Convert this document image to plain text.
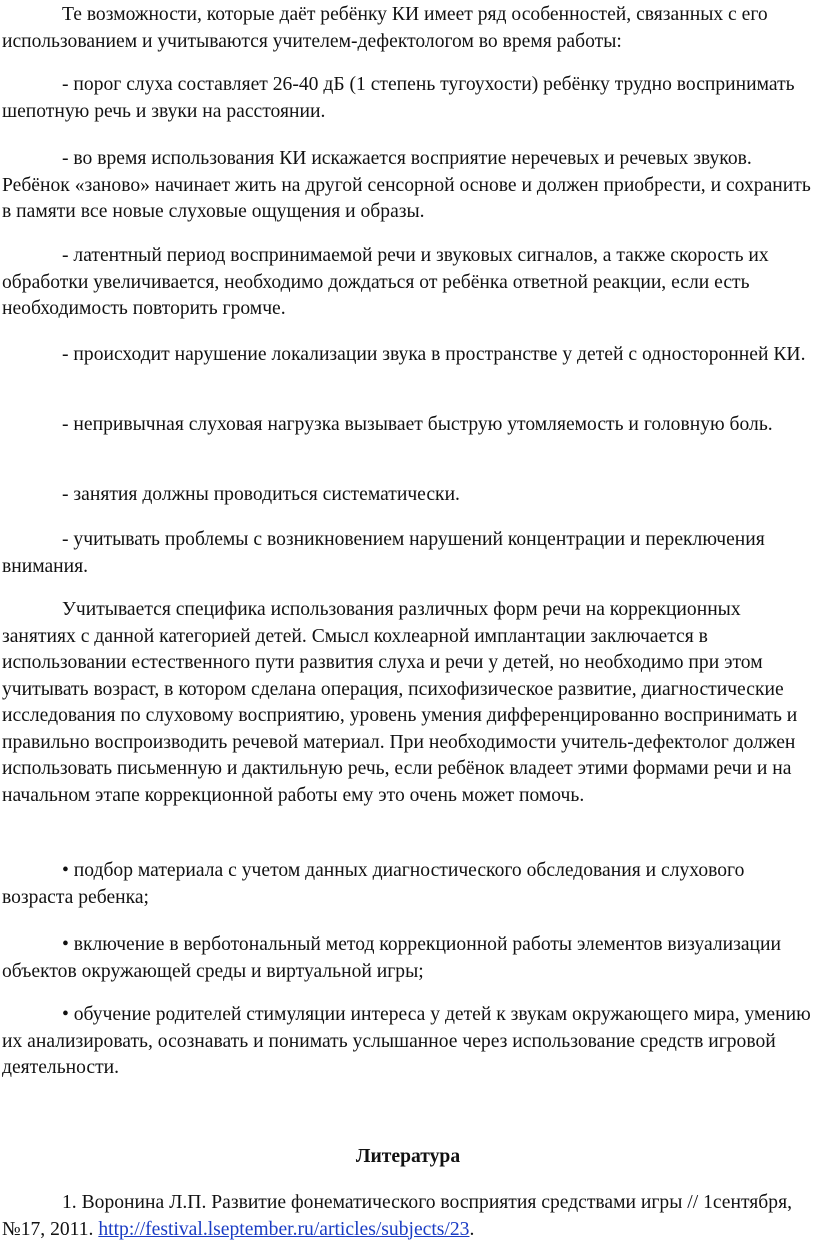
Те возможности, которые даёт ребёнку КИ имеет ряд особенностей, связанных с его использованием и учитываются учителем-дефектологом во время работы:

- порог слуха составляет 26-40 дБ (1 степень тугоухости) ребёнку трудно воспринимать шепотную речь и звуки на расстоянии.

- во время использования КИ искажается восприятие неречевых и речевых звуков. Ребёнок «заново» начинает жить на другой сенсорной основе и должен приобрести, и сохранить в памяти все новые слуховые ощущения и образы.

- латентный период воспринимаемой речи и звуковых сигналов, а также скорость их обработки увеличивается, необходимо дождаться от ребёнка ответной реакции, если есть необходимость повторить громче.

- происходит нарушение локализации звука в пространстве у детей с односторонней КИ.

- непривычная слуховая нагрузка вызывает быструю утомляемость и головную боль.

- занятия должны проводиться систематически.

- учитывать проблемы с возникновением нарушений концентрации и переключения внимания.

Учитывается специфика использования различных форм речи на коррекционных занятиях с данной категорией детей. Смысл кохлеарной имплантации заключается в использовании естественного пути развития слуха и речи у детей, но необходимо при этом учитывать возраст, в котором сделана операция, психофизическое развитие, диагностические исследования по слуховому восприятию, уровень умения дифференцированно воспринимать и правильно воспроизводить речевой материал. При необходимости учитель-дефектолог должен использовать письменную и дактильную речь, если ребёнок владеет этими формами речи и на начальном этапе коррекционной работы ему это очень может помочь.

• подбор материала с учетом данных диагностического обследования и слухового возраста ребенка;

• включение в верботональный метод коррекционной работы элементов визуализации объектов окружающей среды и виртуальной игры;

• обучение родителей стимуляции интереса у детей к звукам окружающего мира, умению их анализировать, осознавать и понимать услышанное через использование средств игровой деятельности.

Литература

1. Воронина Л.П. Развитие фонематического восприятия средствами игры // 1сентября, №17, 2011. http://festival.lseptember.ru/articles/subjects/23.
